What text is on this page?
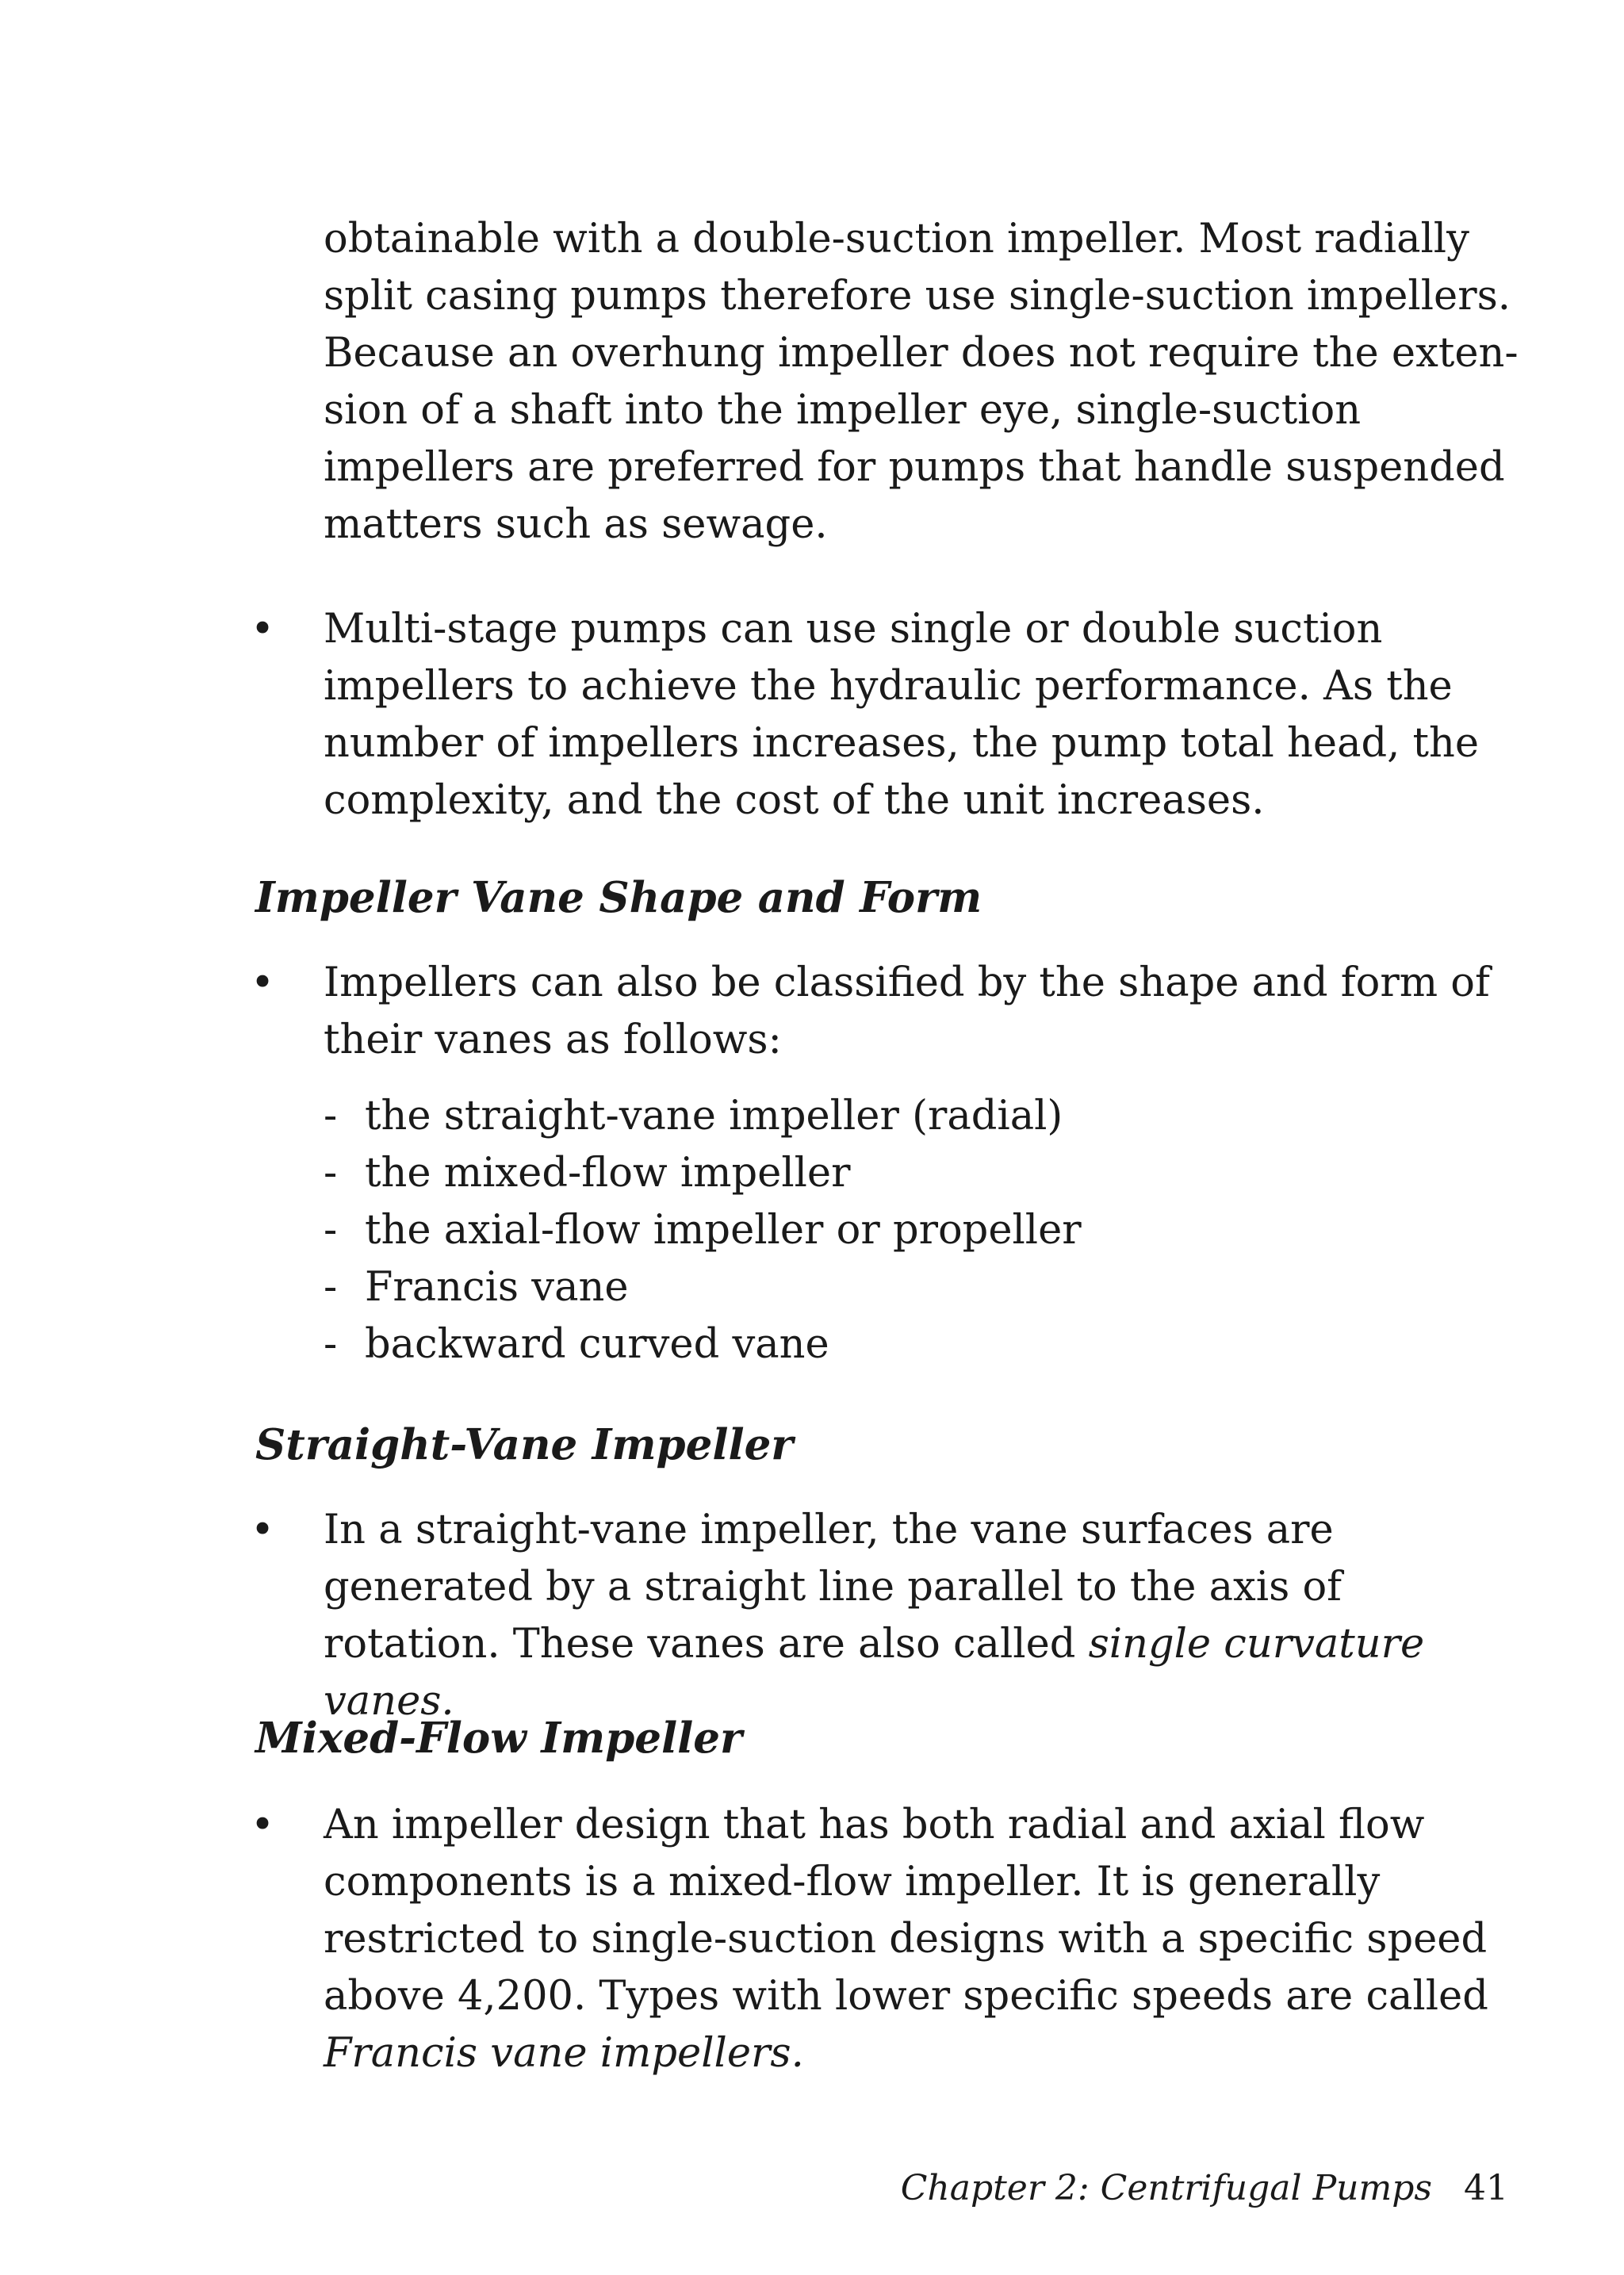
obtainable with a double-suction impeller. Most radially split casing pumps therefore use single-suction impellers. Because an overhung impeller does not require the exten-sion of a shaft into the impeller eye, single-suction impellers are preferred for pumps that handle suspended matters such as sewage.

• Multi-stage pumps can use single or double suction impellers to achieve the hydraulic performance. As the number of impellers increases, the pump total head, the complexity, and the cost of the unit increases.

Impeller Vane Shape and Form
• Impellers can also be classified by the shape and form of their vanes as follows:

- the straight-vane impeller (radial)
- the mixed-flow impeller
- the axial-flow impeller or propeller
- Francis vane
- backward curved vane
Straight-Vane Impeller
• In a straight-vane impeller, the vane surfaces are generated by a straight line parallel to the axis of rotation. These vanes are also called single curvature vanes.

Mixed-Flow Impeller
• An impeller design that has both radial and axial flow components is a mixed-flow impeller. It is generally restricted to single-suction designs with a specific speed above 4,200. Types with lower specific speeds are called Francis vane impellers.

Chapter 2: Centrifugal Pumps 41
